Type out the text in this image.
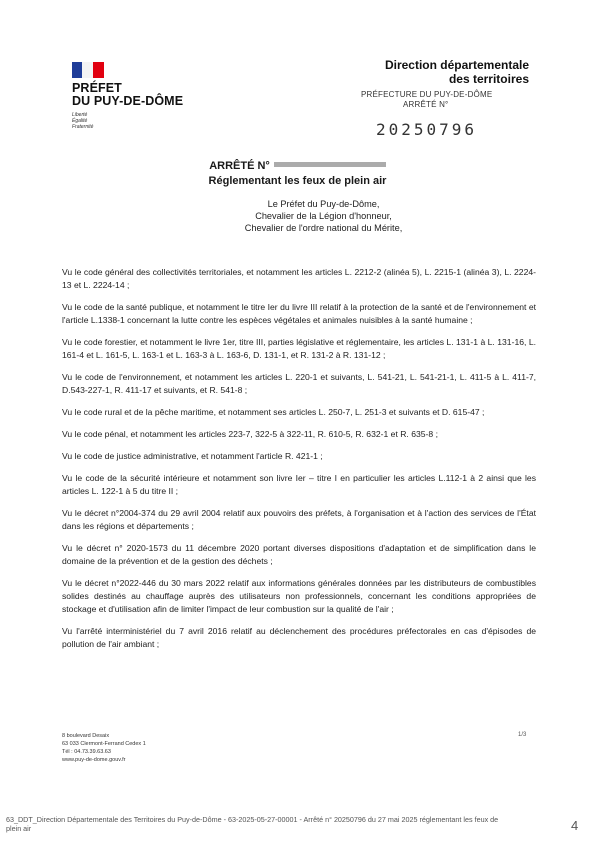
PRÉFET
DU PUY-DE-DÔME
Liberté
Égalité
Fraternité
Direction départementale
des territoires
PRÉFECTURE DU PUY-DE-DÔME
ARRÊTÉ N°
20250796
ARRÊTÉ N°
Réglementant les feux de plein air
Le Préfet du Puy-de-Dôme,
Chevalier de la Légion d'honneur,
Chevalier de l'ordre national du Mérite,

Vu le code général des collectivités territoriales, et notamment les articles L. 2212-2 (alinéa 5), L. 2215-1 (alinéa 3), L. 2224-13 et L. 2224-14 ;

Vu le code de la santé publique, et notamment le titre Ier du livre III relatif à la protection de la santé et de l'environnement et l'article L.1338-1 concernant la lutte contre les espèces végétales et animales nuisibles à la santé humaine ;

Vu le code forestier, et notamment le livre 1er, titre III, parties législative et réglementaire, les articles L. 131-1 à L. 131-16, L. 161-4 et L. 161-5, L. 163-1 et L. 163-3 à L. 163-6, D. 131-1, et R. 131-2 à R. 131-12 ;

Vu le code de l'environnement, et notamment les articles L. 220-1 et suivants, L. 541-21, L. 541-21-1, L. 411-5 à L. 411-7, D.543-227-1, R. 411-17 et suivants, et R. 541-8 ;

Vu le code rural et de la pêche maritime, et notamment ses articles L. 250-7, L. 251-3 et suivants et D. 615-47 ;

Vu le code pénal, et notamment les articles 223-7, 322-5 à 322-11, R. 610-5, R. 632-1 et R. 635-8 ;

Vu le code de justice administrative, et notamment l'article R. 421-1 ;

Vu le code de la sécurité intérieure et notamment son livre Ier – titre I en particulier les articles L.112-1 à 2 ainsi que les articles L. 122-1 à 5 du titre II ;

Vu le décret n°2004-374 du 29 avril 2004 relatif aux pouvoirs des préfets, à l'organisation et à l'action des services de l'État dans les régions et départements ;

Vu le décret n° 2020-1573 du 11 décembre 2020 portant diverses dispositions d'adaptation et de simplification dans le domaine de la prévention et de la gestion des déchets ;

Vu le décret n°2022-446 du 30 mars 2022 relatif aux informations générales données par les distributeurs de combustibles solides destinés au chauffage auprès des utilisateurs non professionnels, concernant les conditions appropriées de stockage et d'utilisation afin de limiter l'impact de leur combustion sur la qualité de l'air ;

Vu l'arrêté interministériel du 7 avril 2016 relatif au déclenchement des procédures préfectorales en cas d'épisodes de pollution de l'air ambiant ;

8 boulevard Desaix
63 033 Clermont-Ferrand Cedex 1
Tél : 04.73.39.63.63
www.puy-de-dome.gouv.fr
1/3
63_DDT_Direction Départementale des Territoires du Puy-de-Dôme - 63-2025-05-27-00001 - Arrêté n° 20250796 du 27 mai 2025 réglementant les feux de plein air	4
